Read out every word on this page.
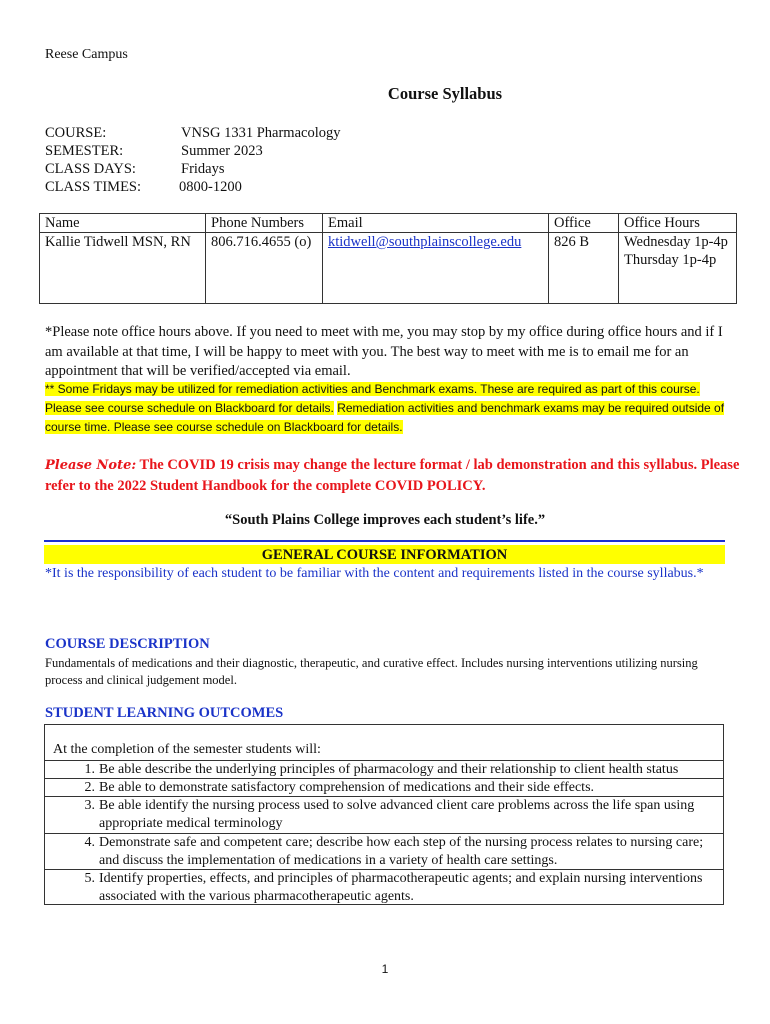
Reese Campus
Course Syllabus
COURSE:	VNSG 1331 Pharmacology
SEMESTER:	Summer 2023
CLASS DAYS:	Fridays
CLASS TIMES:	0800-1200
Name	Phone Numbers	Email	Office	Office Hours
Kallie Tidwell MSN, RN	806.716.4655 (o)	ktidwell@southplainscollege.edu	826 B	Wednesday 1p-4p
Thursday 1p-4p
*Please note office hours above. If you need to meet with me, you may stop by my office during office hours and if I am available at that time, I will be happy to meet with you. The best way to meet with me is to email me for an appointment that will be verified/accepted via email.
** Some Fridays may be utilized for remediation activities and Benchmark exams. These are required as part of this course. Please see course schedule on Blackboard for details. Remediation activities and benchmark exams may be required outside of course time. Please see course schedule on Blackboard for details.
Please Note: The COVID 19 crisis may change the lecture format / lab demonstration and this syllabus. Please refer to the 2022 Student Handbook for the complete COVID POLICY.
“South Plains College improves each student’s life.”
GENERAL COURSE INFORMATION
*It is the responsibility of each student to be familiar with the content and requirements listed in the course syllabus.*
COURSE DESCRIPTION
Fundamentals of medications and their diagnostic, therapeutic, and curative effect. Includes nursing interventions utilizing nursing process and clinical judgement model.
STUDENT LEARNING OUTCOMES
At the completion of the semester students will:
1. Be able describe the underlying principles of pharmacology and their relationship to client health status
2. Be able to demonstrate satisfactory comprehension of medications and their side effects.
3. Be able identify the nursing process used to solve advanced client care problems across the life span using appropriate medical terminology
4. Demonstrate safe and competent care; describe how each step of the nursing process relates to nursing care; and discuss the implementation of medications in a variety of health care settings.
5. Identify properties, effects, and principles of pharmacotherapeutic agents; and explain nursing interventions associated with the various pharmacotherapeutic agents.
1
